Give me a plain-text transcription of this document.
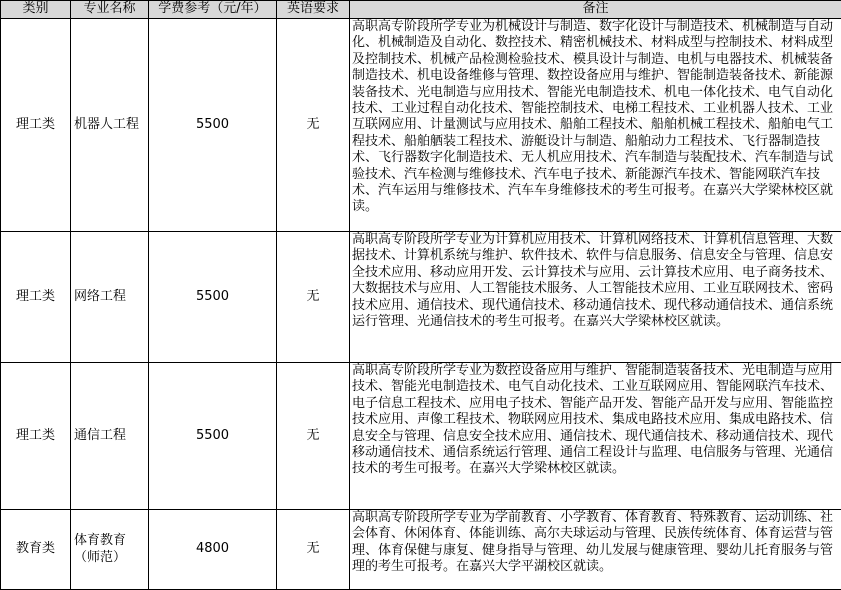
类别	专业名称	学费参考（元/年）	英语要求	备注
理工类	机器人工程	5500	无	高职高专阶段所学专业为机械设计与制造、数字化设计与制造技术、机械制造与自动化、机械制造及自动化、数控技术、精密机械技术、材料成型与控制技术、材料成型及控制技术、机械产品检测检验技术、模具设计与制造、电机与电器技术、机械装备制造技术、机电设备维修与管理、数控设备应用与维护、智能制造装备技术、新能源装备技术、光电制造与应用技术、智能光电制造技术、机电一体化技术、电气自动化技术、工业过程自动化技术、智能控制技术、电梯工程技术、工业机器人技术、工业互联网应用、计量测试与应用技术、船舶工程技术、船舶机械工程技术、船舶电气工程技术、船舶舾装工程技术、游艇设计与制造、船舶动力工程技术、飞行器制造技术、飞行器数字化制造技术、无人机应用技术、汽车制造与装配技术、汽车制造与试验技术、汽车检测与维修技术、汽车电子技术、新能源汽车技术、智能网联汽车技术、汽车运用与维修技术、汽车车身维修技术的考生可报考。在嘉兴大学梁林校区就读。
理工类	网络工程	5500	无	高职高专阶段所学专业为计算机应用技术、计算机网络技术、计算机信息管理、大数据技术、计算机系统与维护、软件技术、软件与信息服务、信息安全与管理、信息安全技术应用、移动应用开发、云计算技术与应用、云计算技术应用、电子商务技术、大数据技术与应用、人工智能技术服务、人工智能技术应用、工业互联网技术、密码技术应用、通信技术、现代通信技术、移动通信技术、现代移动通信技术、通信系统运行管理、光通信技术的考生可报考。在嘉兴大学梁林校区就读。
理工类	通信工程	5500	无	高职高专阶段所学专业为数控设备应用与维护、智能制造装备技术、光电制造与应用技术、智能光电制造技术、电气自动化技术、工业互联网应用、智能网联汽车技术、电子信息工程技术、应用电子技术、智能产品开发、智能产品开发与应用、智能监控技术应用、声像工程技术、物联网应用技术、集成电路技术应用、集成电路技术、信息安全与管理、信息安全技术应用、通信技术、现代通信技术、移动通信技术、现代移动通信技术、通信系统运行管理、通信工程设计与监理、电信服务与管理、光通信技术的考生可报考。在嘉兴大学梁林校区就读。
教育类	体育教育（师范）	4800	无	高职高专阶段所学专业为学前教育、小学教育、体育教育、特殊教育、运动训练、社会体育、休闲体育、体能训练、高尔夫球运动与管理、民族传统体育、体育运营与管理、体育保健与康复、健身指导与管理、幼儿发展与健康管理、婴幼儿托育服务与管理的考生可报考。在嘉兴大学平湖校区就读。
